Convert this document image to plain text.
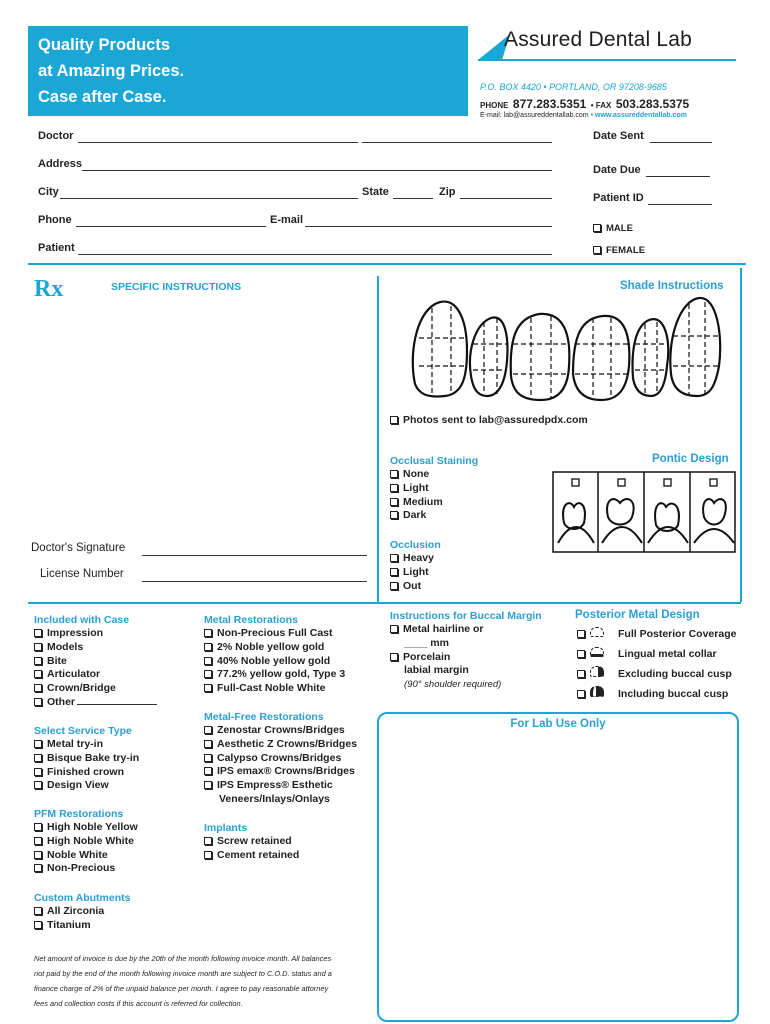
Quality Products
at Amazing Prices.
Case after Case.
Assured Dental Lab
P.O. BOX 4420 • PORTLAND, OR 97208-9685
PHONE 877.283.5351 • FAX 503.283.5375
E-mail: lab@assureddentallab.com • www.assureddentallab.com
Doctor
Address
City	State	Zip
Phone	E-mail
Patient
Date Sent
Date Due
Patient ID
MALE
FEMALE
Rx	SPECIFIC INSTRUCTIONS	Shade Instructions
Photos sent to lab@assuredpdx.com
Occlusal Staining
None
Light
Medium
Dark
Pontic Design
Occlusion
Heavy
Light
Out
Doctor's Signature
License Number
Included with Case
Impression
Models
Bite
Articulator
Crown/Bridge
Other
Select Service Type
Metal try-in
Bisque Bake try-in
Finished crown
Design View
PFM Restorations
High Noble Yellow
High Noble White
Noble White
Non-Precious
Custom Abutments
All Zirconia
Titanium
Metal Restorations
Non-Precious Full Cast
2% Noble yellow gold
40% Noble yellow gold
77.2% yellow gold, Type 3
Full-Cast Noble White
Metal-Free Restorations
Zenostar Crowns/Bridges
Aesthetic Z Crowns/Bridges
Calypso Crowns/Bridges
IPS emax® Crowns/Bridges
IPS Empress® Esthetic
Veneers/Inlays/Onlays
Implants
Screw retained
Cement retained
Instructions for Buccal Margin
Metal hairline or
____ mm
Porcelain
labial margin
(90° shoulder required)
Posterior Metal Design
Full Posterior Coverage
Lingual metal collar
Excluding buccal cusp
Including buccal cusp
For Lab Use Only
Net amount of invoice is due by the 20th of the month following invoice month. All balances
not paid by the end of the month following invoice month are subject to C.O.D. status and a
finance charge of 2% of the unpaid balance per month. I agree to pay reasonable attorney
fees and collection costs if this account is referred for collection.
